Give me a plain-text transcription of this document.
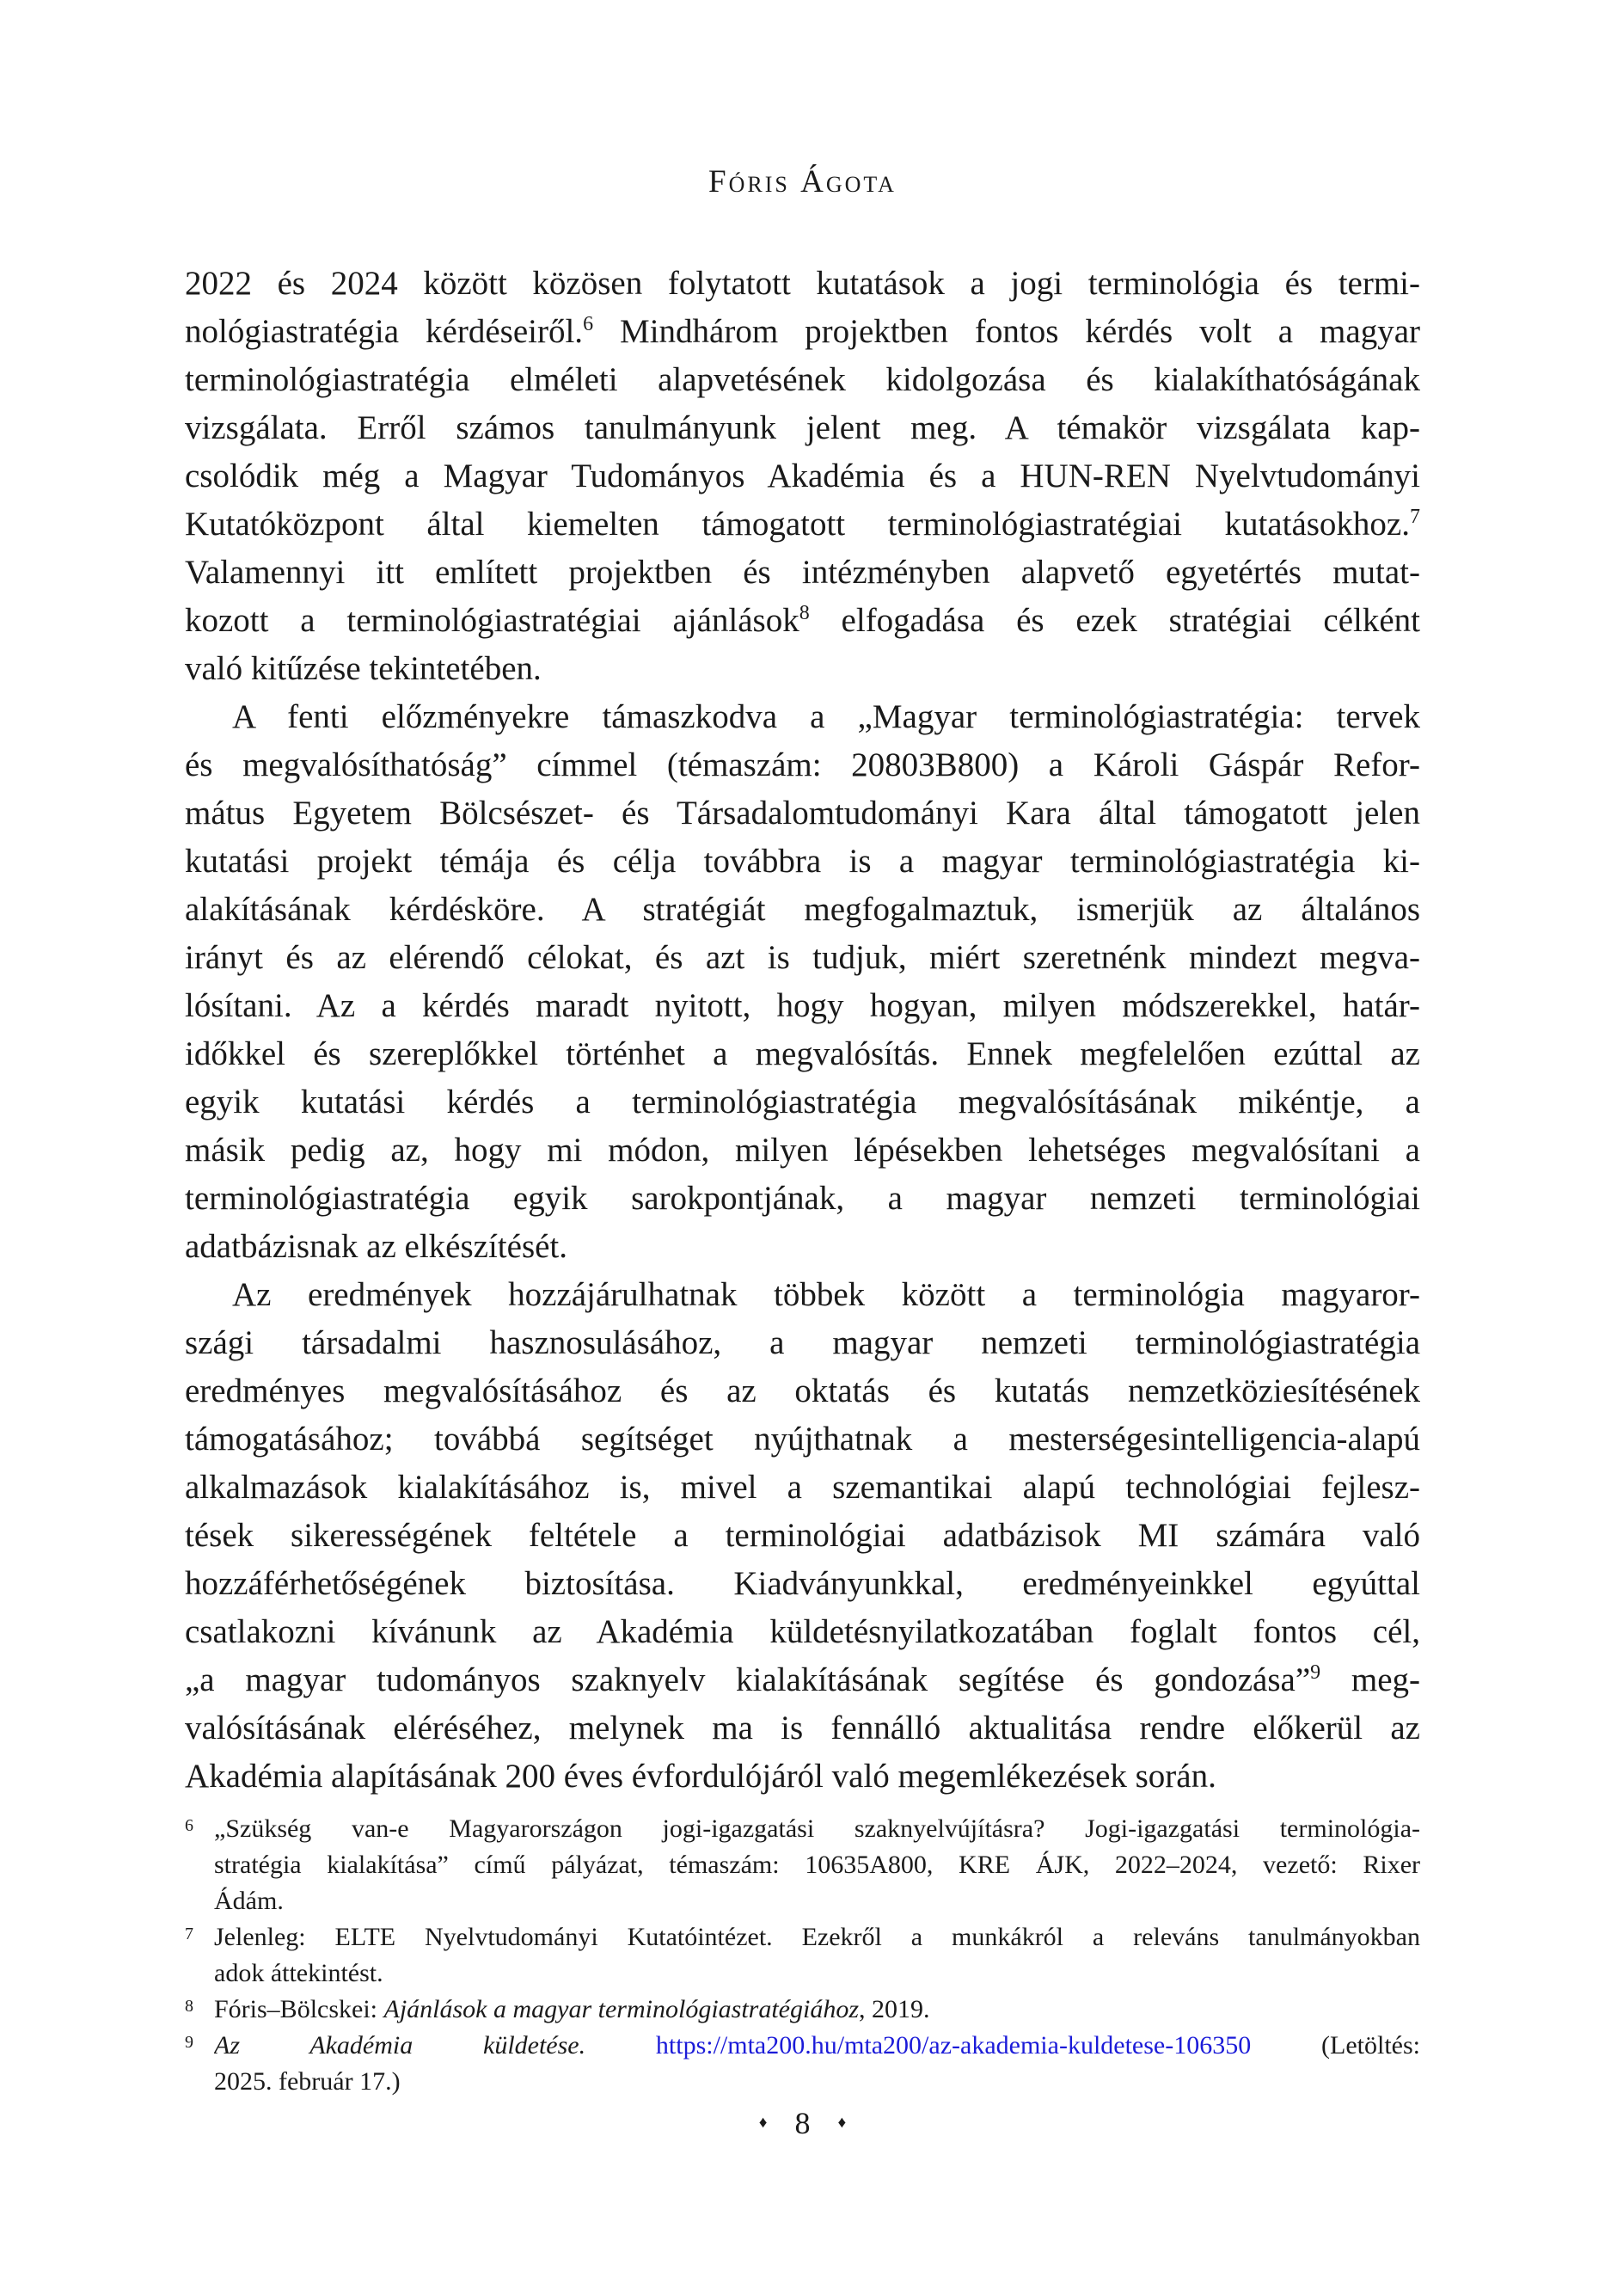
Fóris Ágota
2022 és 2024 között közösen folytatott kutatások a jogi terminológia és termi-
nológiastratégia kérdéseiről.$^6$ Mindhárom projektben fontos kérdés volt a magyar
terminológiastratégia elméleti alapvetésének kidolgozása és kialakíthatóságának
vizsgálata. Erről számos tanulmányunk jelent meg. A témakör vizsgálata kap-
csolódik még a Magyar Tudományos Akadémia és a HUN-REN Nyelvtudományi
Kutatóközpont által kiemelten támogatott terminológiastratégiai kutatásokhoz.$^7$
Valamennyi itt említett projektben és intézményben alapvető egyetértés mutat-
kozott a terminológiastratégiai ajánlások$^8$ elfogadása és ezek stratégiai célként
való kitűzése tekintetében.
A fenti előzményekre támaszkodva a „Magyar terminológiastratégia: tervek
és megvalósíthatóság” címmel (témaszám: 20803B800) a Károli Gáspár Refor-
mátus Egyetem Bölcsészet- és Társadalomtudományi Kara által támogatott jelen
kutatási projekt témája és célja továbbra is a magyar terminológiastratégia ki-
alakításának kérdésköre. A stratégiát megfogalmaztuk, ismerjük az általános
irányt és az elérendő célokat, és azt is tudjuk, miért szeretnénk mindezt megva-
lósítani. Az a kérdés maradt nyitott, hogy hogyan, milyen módszerekkel, határ-
időkkel és szereplőkkel történhet a megvalósítás. Ennek megfelelően ezúttal az
egyik kutatási kérdés a terminológiastratégia megvalósításának mikéntje, a
másik pedig az, hogy mi módon, milyen lépésekben lehetséges megvalósítani a
terminológiastratégia egyik sarokpontjának, a magyar nemzeti terminológiai
adatbázisnak az elkészítését.
Az eredmények hozzájárulhatnak többek között a terminológia magyaror-
szági társadalmi hasznosulásához, a magyar nemzeti terminológiastratégia
eredményes megvalósításához és az oktatás és kutatás nemzetköziesítésének
támogatásához; továbbá segítséget nyújthatnak a mesterségesintelligencia-alapú
alkalmazások kialakításához is, mivel a szemantikai alapú technológiai fejlesz-
tések sikerességének feltétele a terminológiai adatbázisok MI számára való
hozzáférhetőségének biztosítása. Kiadványunkkal, eredményeinkkel egyúttal
csatlakozni kívánunk az Akadémia küldetésnyilatkozatában foglalt fontos cél,
„a magyar tudományos szaknyelv kialakításának segítése és gondozása”$^9$ meg-
valósításának eléréséhez, melynek ma is fennálló aktualitása rendre előkerül az
Akadémia alapításának 200 éves évfordulójáról való megemlékezések során.
6 „Szükség van-e Magyarországon jogi-igazgatási szaknyelvújításra? Jogi-igazgatási terminológia-
stratégia kialakítása” című pályázat, témaszám: 10635A800, KRE ÁJK, 2022–2024, vezető: Rixer
Ádám.
7 Jelenleg: ELTE Nyelvtudományi Kutatóintézet. Ezekről a munkákról a releváns tanulmányokban
adok áttekintést.
8 Fóris–Bölcskei: Ajánlások a magyar terminológiastratégiához, 2019.
9 Az Akadémia küldetése.	https://mta200.hu/mta200/az-akademia-kuldetese-106350 (Letöltés:
2025. február 17.)
♦ 8 ♦
